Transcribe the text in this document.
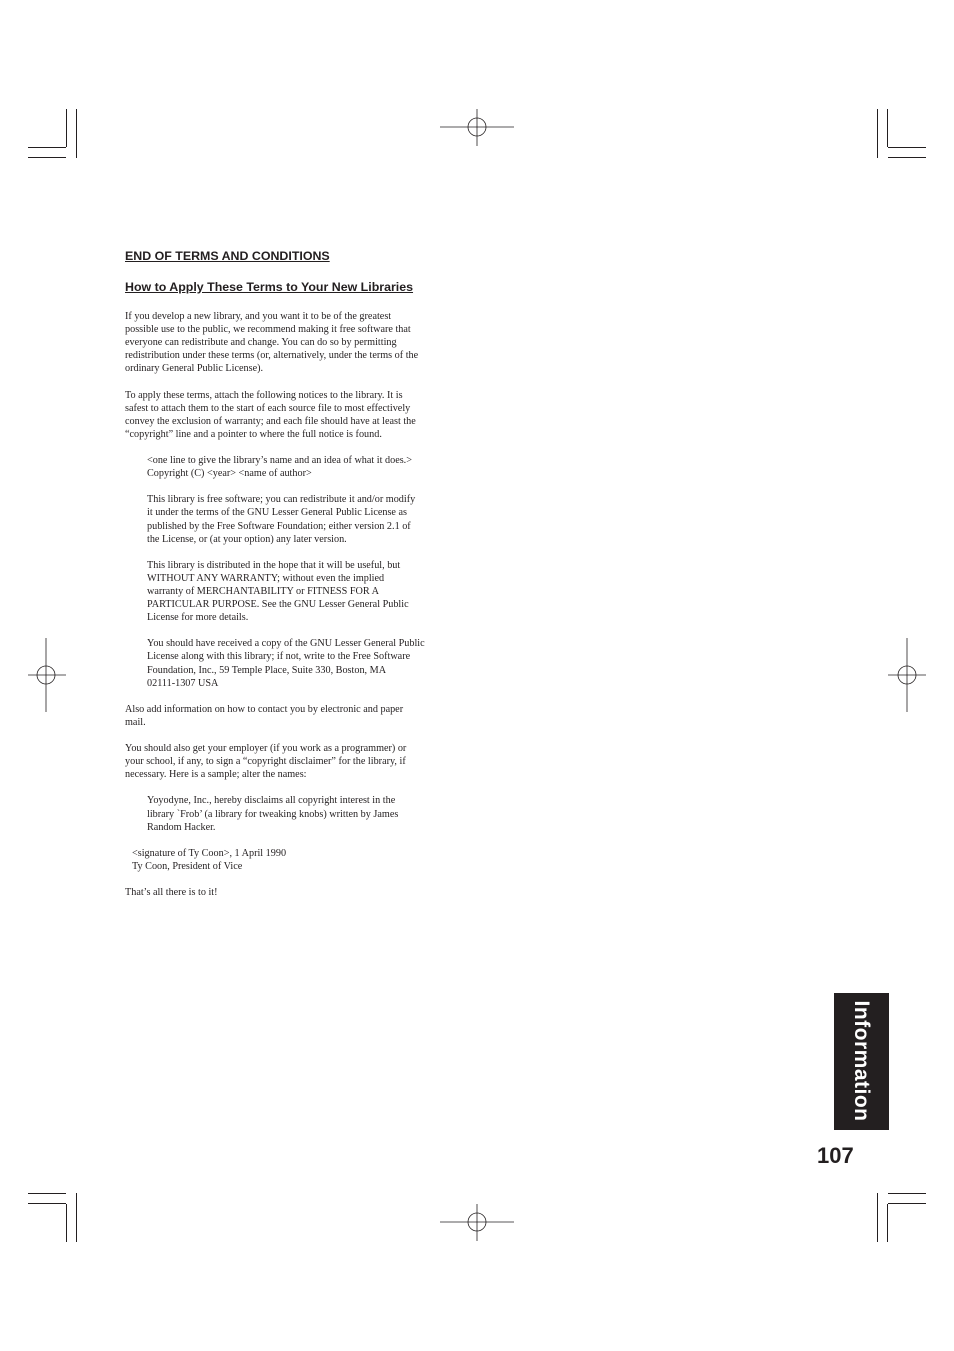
END OF TERMS AND CONDITIONS
How to Apply These Terms to Your New Libraries

If you develop a new library, and you want it to be of the greatest
possible use to the public, we recommend making it free software that
everyone can redistribute and change. You can do so by permitting
redistribution under these terms (or, alternatively, under the terms of the
ordinary General Public License).

To apply these terms, attach the following notices to the library. It is
safest to attach them to the start of each source file to most effectively
convey the exclusion of warranty; and each file should have at least the
“copyright” line and a pointer to where the full notice is found.

<one line to give the library’s name and an idea of what it does.>
Copyright (C) <year> <name of author>

This library is free software; you can redistribute it and/or modify
it under the terms of the GNU Lesser General Public License as
published by the Free Software Foundation; either version 2.1 of
the License, or (at your option) any later version.

This library is distributed in the hope that it will be useful, but
WITHOUT ANY WARRANTY; without even the implied
warranty of MERCHANTABILITY or FITNESS FOR A
PARTICULAR PURPOSE. See the GNU Lesser General Public
License for more details.

You should have received a copy of the GNU Lesser General Public
License along with this library; if not, write to the Free Software
Foundation, Inc., 59 Temple Place, Suite 330, Boston, MA
02111-1307 USA

Also add information on how to contact you by electronic and paper
mail.

You should also get your employer (if you work as a programmer) or
your school, if any, to sign a “copyright disclaimer” for the library, if
necessary. Here is a sample; alter the names:

Yoyodyne, Inc., hereby disclaims all copyright interest in the
library `Frob’ (a library for tweaking knobs) written by James
Random Hacker.

<signature of Ty Coon>, 1 April 1990

Ty Coon, President of Vice

That’s all there is to it!

Information
107
